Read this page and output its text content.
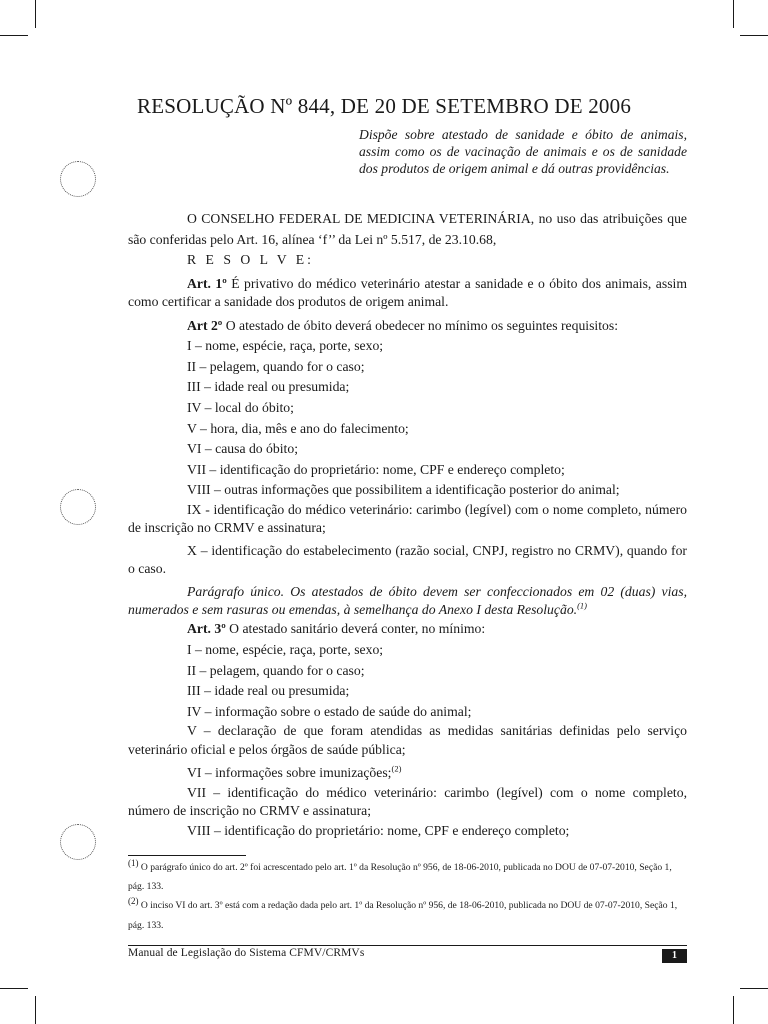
RESOLUÇÃO Nº 844, DE 20 DE SETEMBRO DE 2006

Dispõe sobre atestado de sanidade e óbito de animais, assim como os de vacinação de animais e os de sanidade dos produtos de origem animal e dá outras providências.

O CONSELHO FEDERAL DE MEDICINA VETERINÁRIA, no uso das atribuições que são conferidas pelo Art. 16, alínea ‘f’’ da Lei nº 5.517, de 23.10.68,

R E S O L V E:

Art. 1º É privativo do médico veterinário atestar a sanidade e o óbito dos animais, assim como certificar a sanidade dos produtos de origem animal.

Art 2º O atestado de óbito deverá obedecer no mínimo os seguintes requisitos:

I – nome, espécie, raça, porte, sexo;

II – pelagem, quando for o caso;

III – idade real ou presumida;

IV – local do óbito;

V – hora, dia, mês e ano do falecimento;

VI – causa do óbito;

VII – identificação do proprietário: nome, CPF e endereço completo;

VIII – outras informações que possibilitem a identificação posterior do animal;

IX - identificação do médico veterinário: carimbo (legível) com o nome completo, número de inscrição no CRMV e assinatura;

X – identificação do estabelecimento (razão social, CNPJ, registro no CRMV), quando for o caso.

Parágrafo único. Os atestados de óbito devem ser confeccionados em 02 (duas) vias, numerados e sem rasuras ou emendas, à semelhança do Anexo I desta Resolução.$^{(1)}$

Art. 3º O atestado sanitário deverá conter, no mínimo:

I – nome, espécie, raça, porte, sexo;

II – pelagem, quando for o caso;

III – idade real ou presumida;

IV – informação sobre o estado de saúde do animal;

V – declaração de que foram atendidas as medidas sanitárias definidas pelo serviço veterinário oficial e pelos órgãos de saúde pública;

VI – informações sobre imunizações;$^{(2)}$

VII – identificação do médico veterinário: carimbo (legível) com o nome completo, número de inscrição no CRMV e assinatura;

VIII – identificação do proprietário: nome, CPF e endereço completo;

$^{(1)}$ O parágrafo único do art. 2º foi acrescentado pelo art. 1º da Resolução nº 956, de 18-06-2010, publicada no DOU de 07-07-2010, Seção 1, pág. 133.

$^{(2)}$ O inciso VI do art. 3º está com a redação dada pelo art. 1º da Resolução nº 956, de 18-06-2010, publicada no DOU de 07-07-2010, Seção 1, pág. 133.

Manual de Legislação do Sistema CFMV/CRMVs	1
